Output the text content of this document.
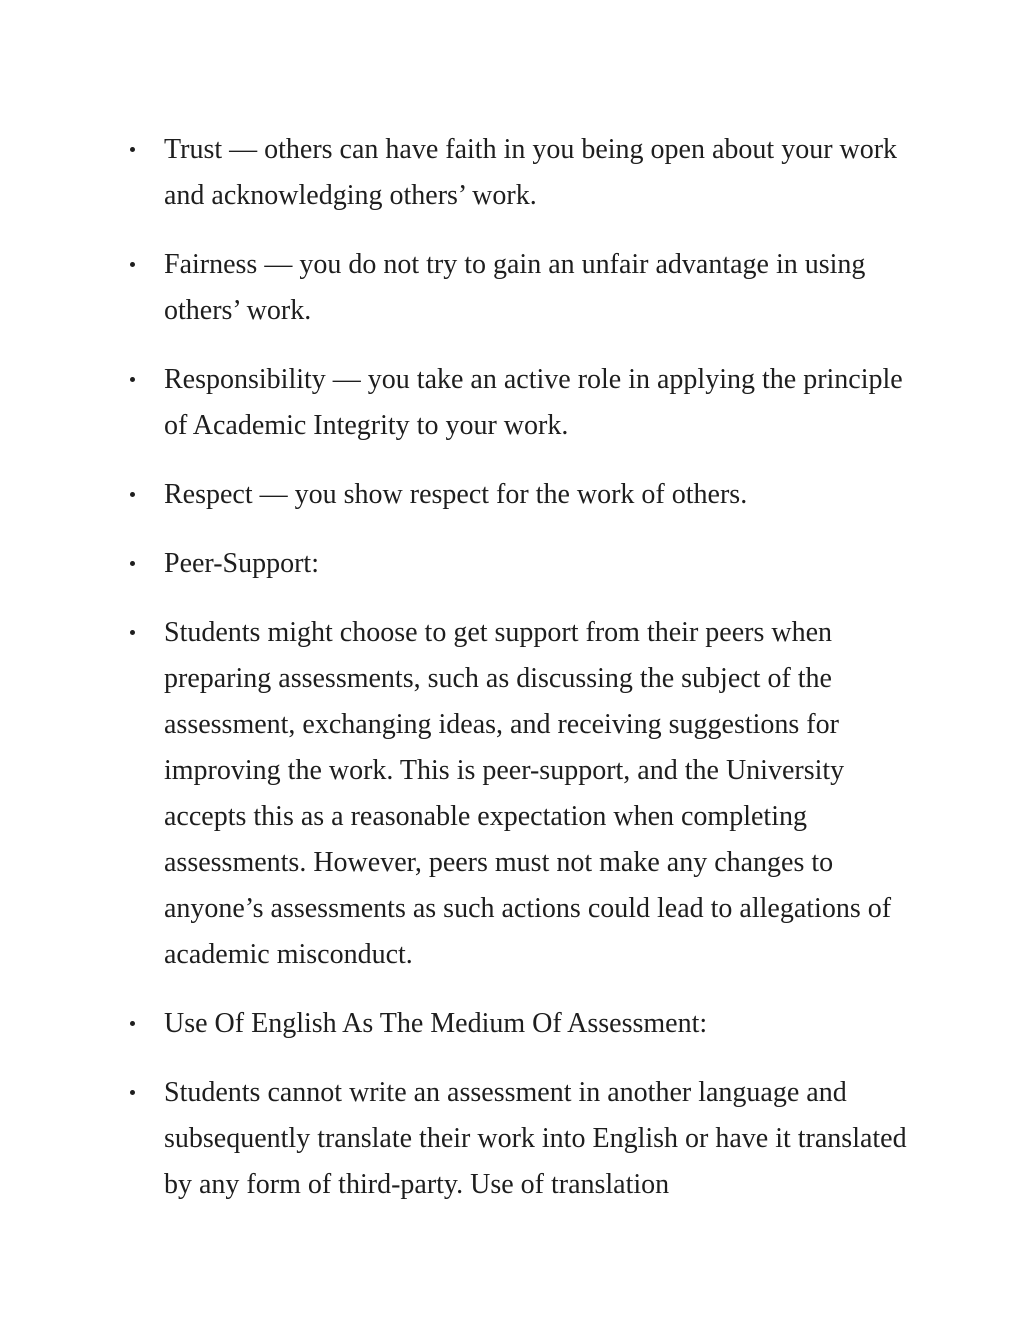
Trust — others can have faith in you being open about your work and acknowledging others’ work.
Fairness — you do not try to gain an unfair advantage in using others’ work.
Responsibility — you take an active role in applying the principle of Academic Integrity to your work.
Respect — you show respect for the work of others.
Peer-Support:
Students might choose to get support from their peers when preparing assessments, such as discussing the subject of the assessment, exchanging ideas, and receiving suggestions for improving the work. This is peer-support, and the University accepts this as a reasonable expectation when completing assessments. However, peers must not make any changes to anyone’s assessments as such actions could lead to allegations of academic misconduct.
Use Of English As The Medium Of Assessment:
Students cannot write an assessment in another language and subsequently translate their work into English or have it translated by any form of third-party. Use of translation
